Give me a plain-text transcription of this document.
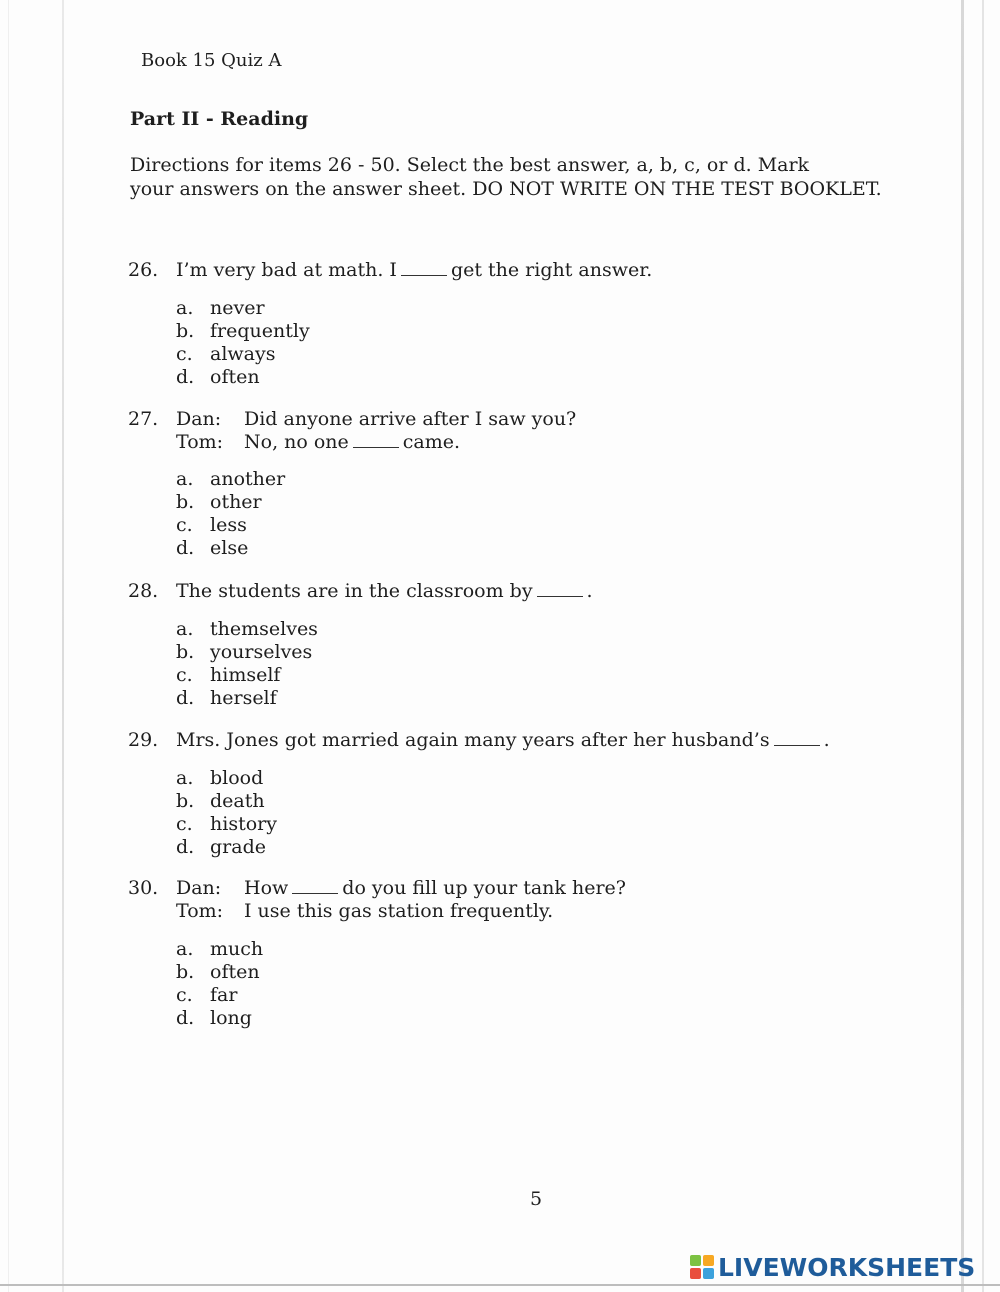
Book 15 Quiz A
Part II - Reading
Directions for items 26 - 50. Select the best answer, a, b, c, or d. Mark
your answers on the answer sheet. DO NOT WRITE ON THE TEST BOOKLET.
26. I’m very bad at math. I	get the right answer.
a. never
b. frequently
c. always
d. often
27. Dan: Did anyone arrive after I saw you?
Tom: No, no one	came.
a. another
b. other
c. less
d. else
28. The students are in the classroom by	.
a. themselves
b. yourselves
c. himself
d. herself
29. Mrs. Jones got married again many years after her husband’s	.
a. blood
b. death
c. history
d. grade
30. Dan: How	do you fill up your tank here?
Tom: I use this gas station frequently.
a. much
b. often
c. far
d. long
5
LIVEWORKSHEETS
